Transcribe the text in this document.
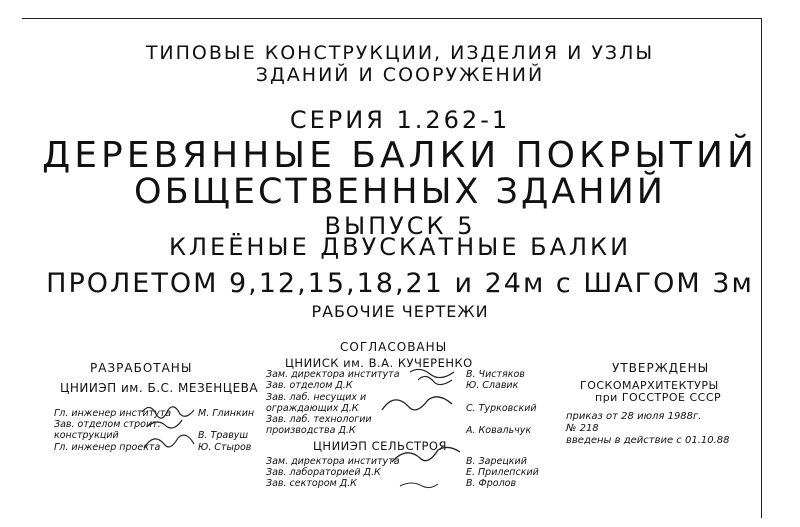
ТИПОВЫЕ КОНСТРУКЦИИ, ИЗДЕЛИЯ И УЗЛЫ
ЗДАНИЙ И СООРУЖЕНИЙ
СЕРИЯ 1.262-1
ДЕРЕВЯННЫЕ БАЛКИ ПОКРЫТИЙ
ОБЩЕСТВЕННЫХ ЗДАНИЙ
ВЫПУСК 5
КЛЕЁНЫЕ ДВУСКАТНЫЕ БАЛКИ
ПРОЛЕТОМ 9,12,15,18,21 и 24м с ШАГОМ 3м
РАБОЧИЕ ЧЕРТЕЖИ
РАЗРАБОТАНЫ
ЦНИИЭП им. Б.С. МЕЗЕНЦЕВА
Гл. инженер института	М. Глинкин
Зав. отделом строит.
конструкций	В. Травуш
Гл. инженер проекта	Ю. Стыров
СОГЛАСОВАНЫ
ЦНИИСК им. В.А. КУЧЕРЕНКО
Зам. директора института	В. Чистяков
Зав. отделом Д.К	Ю. Славик
Зав. лаб. несущих и
ограждающих Д.К	С. Турковский
Зав. лаб. технологии
производства Д.К	А. Ковальчук
ЦНИИЭП СЕЛЬСТРОЯ
Зам. директора института	В. Зарецкий
Зав. лабораторией Д.К	Е. Прилепский
Зав. сектором Д.К	В. Фролов
УТВЕРЖДЕНЫ
ГОСКОМАРХИТЕКТУРЫ
при ГОССТРОЕ СССР
приказ от 28 июля 1988г.
№ 218
введены в действие с 01.10.88
